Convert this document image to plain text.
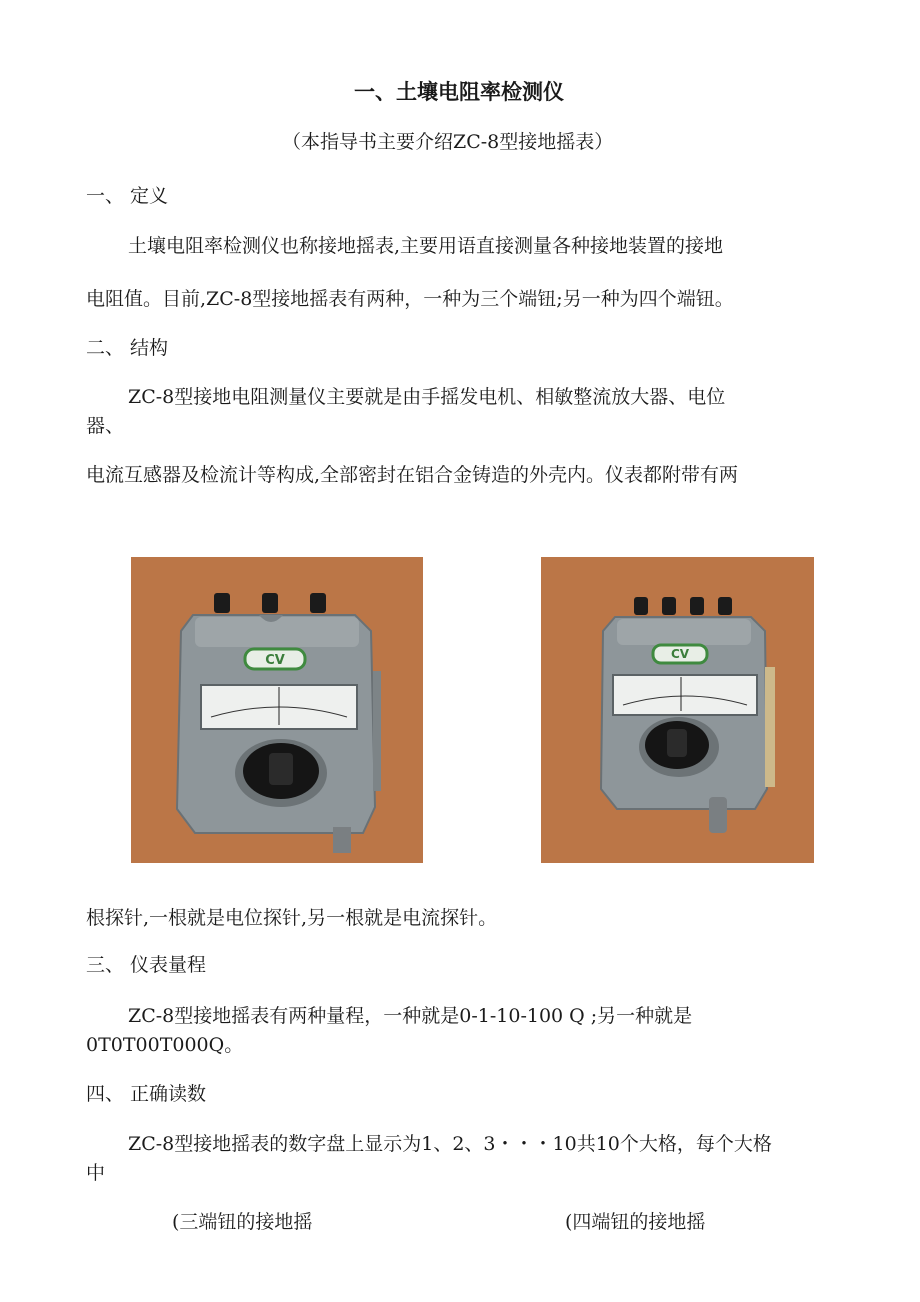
一、土壤电阻率检测仪
（本指导书主要介绍ZC-8型接地摇表）
一、 定义
土壤电阻率检测仪也称接地摇表,主要用语直接测量各种接地装置的接地
电阻值。目前,ZC-8型接地摇表有两种，一种为三个端钮;另一种为四个端钮。
二、 结构
ZC-8型接地电阻测量仪主要就是由手摇发电机、相敏整流放大器、电位
器、
电流互感器及检流计等构成,全部密封在铝合金铸造的外壳内。仪表都附带有两
CV	CV
根探针,一根就是电位探针,另一根就是电流探针。
三、 仪表量程
ZC-8型接地摇表有两种量程，一种就是0-1-10-100 Q ;另一种就是
0T0T00T000Q。
四、 正确读数
ZC-8型接地摇表的数字盘上显示为1、2、3・・・10共10个大格，每个大格
中
(三端钮的接地摇	(四端钮的接地摇
